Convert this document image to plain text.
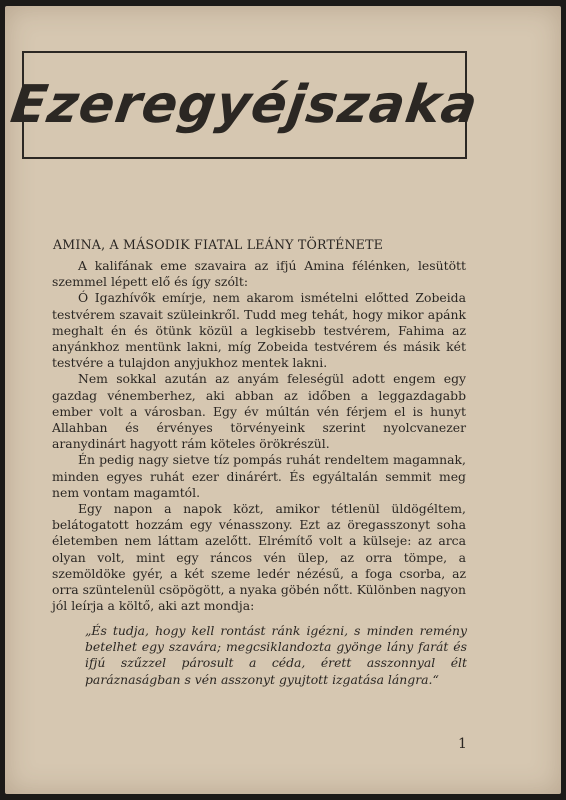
Ezeregyéjszaka
AMINA, A MÁSODIK FIATAL LEÁNY TÖRTÉNETE

A kalifának eme szavaira az ifjú Amina félénken, lesütött szemmel lépett elő és így szólt:

Ó Igazhívők emírje, nem akarom ismételni előtted Zobeida testvérem szavait szüleinkről. Tudd meg tehát, hogy mikor apánk meghalt én és ötünk közül a legkisebb testvérem, Fahima az anyánkhoz mentünk lakni, míg Zobeida testvérem és másik két testvére a tulajdon anyjukhoz mentek lakni.

Nem sokkal azután az anyám feleségül adott engem egy gazdag vénemberhez, aki abban az időben a leggazdagabb ember volt a városban. Egy év múltán vén férjem el is hunyt Allahban és érvényes törvényeink szerint nyolcvanezer aranydinárt hagyott rám köteles örökrészül.

Én pedig nagy sietve tíz pompás ruhát rendeltem magamnak, minden egyes ruhát ezer dinárért. És egyáltalán semmit meg nem vontam magamtól.

Egy napon a napok közt, amikor tétlenül üldögéltem, belátogatott hozzám egy vénasszony. Ezt az öregasszonyt soha életemben nem láttam azelőtt. Elrémítő volt a külseje: az arca olyan volt, mint egy ráncos vén ülep, az orra tömpe, a szemöldöke gyér, a két szeme ledér nézésű, a foga csorba, az orra szüntelenül csöpögött, a nyaka göbén nőtt. Különben nagyon jól leírja a költő, aki azt mondja:

„És tudja, hogy kell rontást ránk igézni, s minden remény betelhet egy szavára; megcsiklandozta gyönge lány farát és ifjú szűzzel párosult a céda, érett asszonnyal élt paráznaságban s vén asszonyt gyujtott izgatása lángra.“
1
